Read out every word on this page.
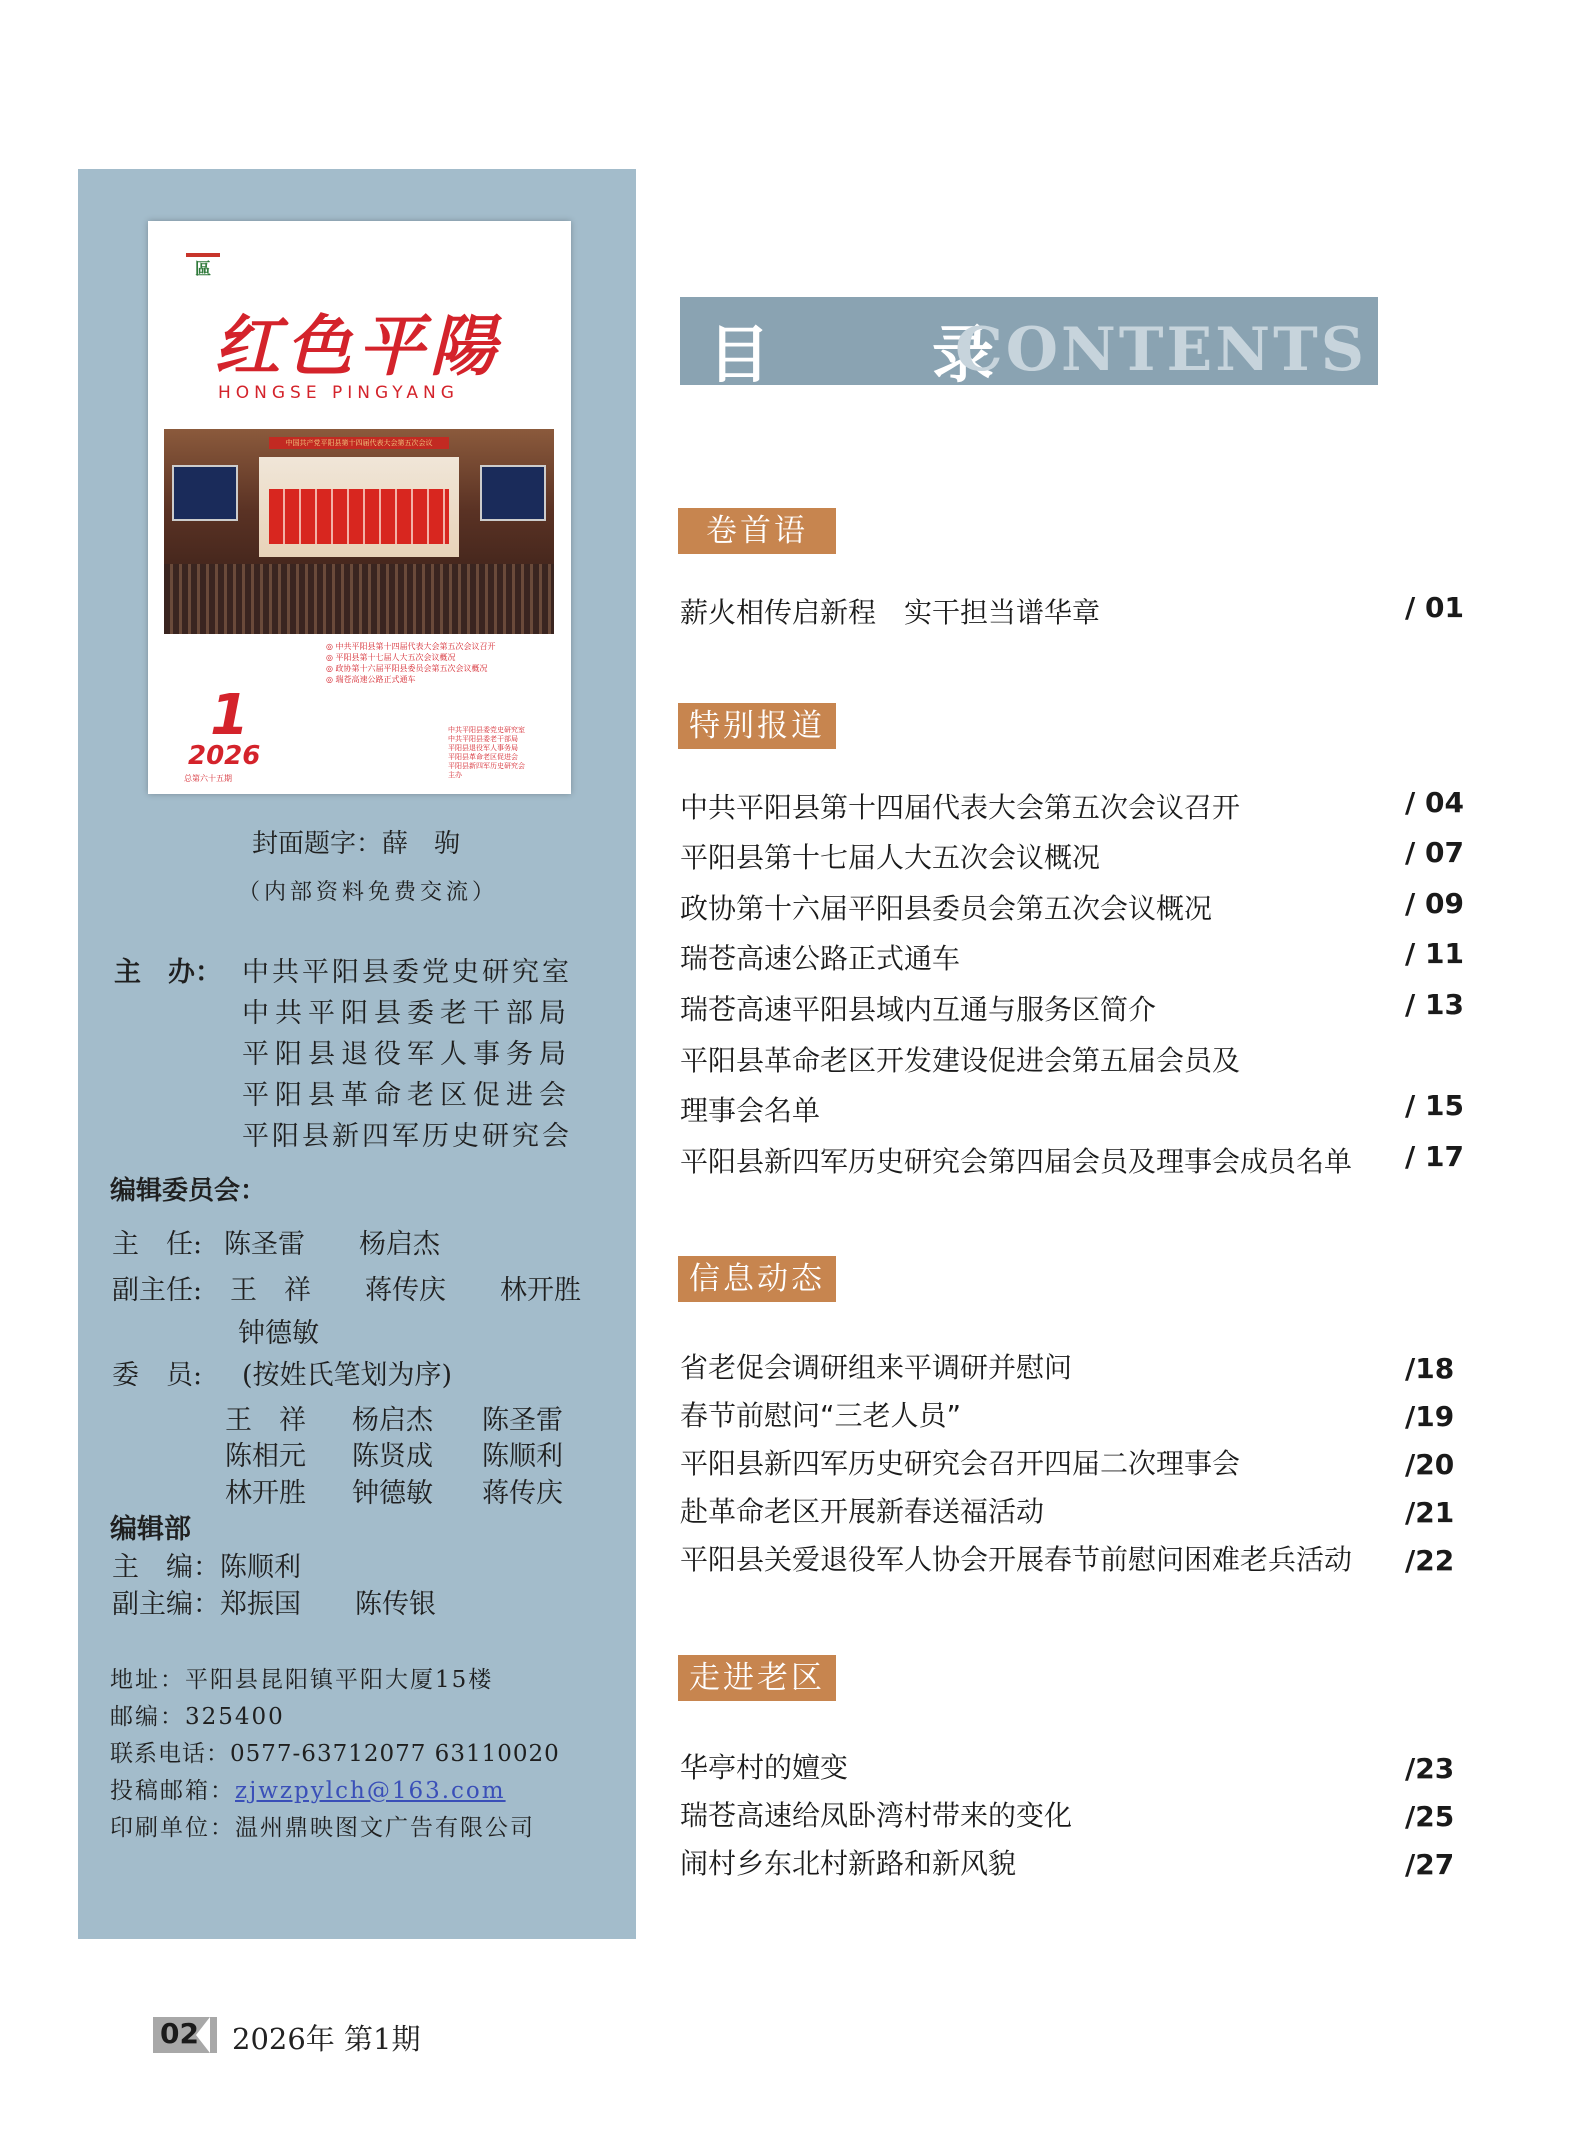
區
红色平陽
HONGSE PINGYANG
中国共产党平阳县第十四届代表大会第五次会议
◎ 中共平阳县第十四届代表大会第五次会议召开
◎ 平阳县第十七届人大五次会议概况
◎ 政协第十六届平阳县委员会第五次会议概况
◎ 瑞苍高速公路正式通车
1
2026
总第六十五期
中共平阳县委党史研究室
中共平阳县委老干部局
平阳县退役军人事务局
平阳县革命老区促进会
平阳县新四军历史研究会
主办
封面题字：薛　驹
（内部资料免费交流）
主　办： 中共平阳县委党史研究室
中共平阳县委老干部局
平阳县退役军人事务局
平阳县革命老区促进会
平阳县新四军历史研究会
编辑委员会：
主　任: 陈圣雷　　杨启杰
副主任: 王　祥　　蒋传庆　　林开胜
钟德敏
委　员: (按姓氏笔划为序)
王　祥 杨启杰 陈圣雷
陈相元 陈贤成 陈顺利
林开胜 钟德敏 蒋传庆
编辑部
主　编：陈顺利
副主编：郑振国　　陈传银
地址：平阳县昆阳镇平阳大厦15楼
邮编：325400
联系电话：0577-63712077 63110020
投稿邮箱：zjwzpylch@163.com
印刷单位：温州鼎映图文广告有限公司
目　录
CONTENTS
卷首语
薪火相传启新程　实干担当谱华章	/ 01
特别报道
中共平阳县第十四届代表大会第五次会议召开	/ 04
平阳县第十七届人大五次会议概况	/ 07
政协第十六届平阳县委员会第五次会议概况	/ 09
瑞苍高速公路正式通车	/ 11
瑞苍高速平阳县域内互通与服务区简介	/ 13
平阳县革命老区开发建设促进会第五届会员及
理事会名单	/ 15
平阳县新四军历史研究会第四届会员及理事会成员名单	/ 17
信息动态
省老促会调研组来平调研并慰问	/18
春节前慰问“三老人员”	/19
平阳县新四军历史研究会召开四届二次理事会	/20
赴革命老区开展新春送福活动	/21
平阳县关爱退役军人协会开展春节前慰问困难老兵活动	/22
走进老区
华亭村的嬗变	/23
瑞苍高速给凤卧湾村带来的变化	/25
闹村乡东北村新路和新风貌	/27
02 2026年 第1期
